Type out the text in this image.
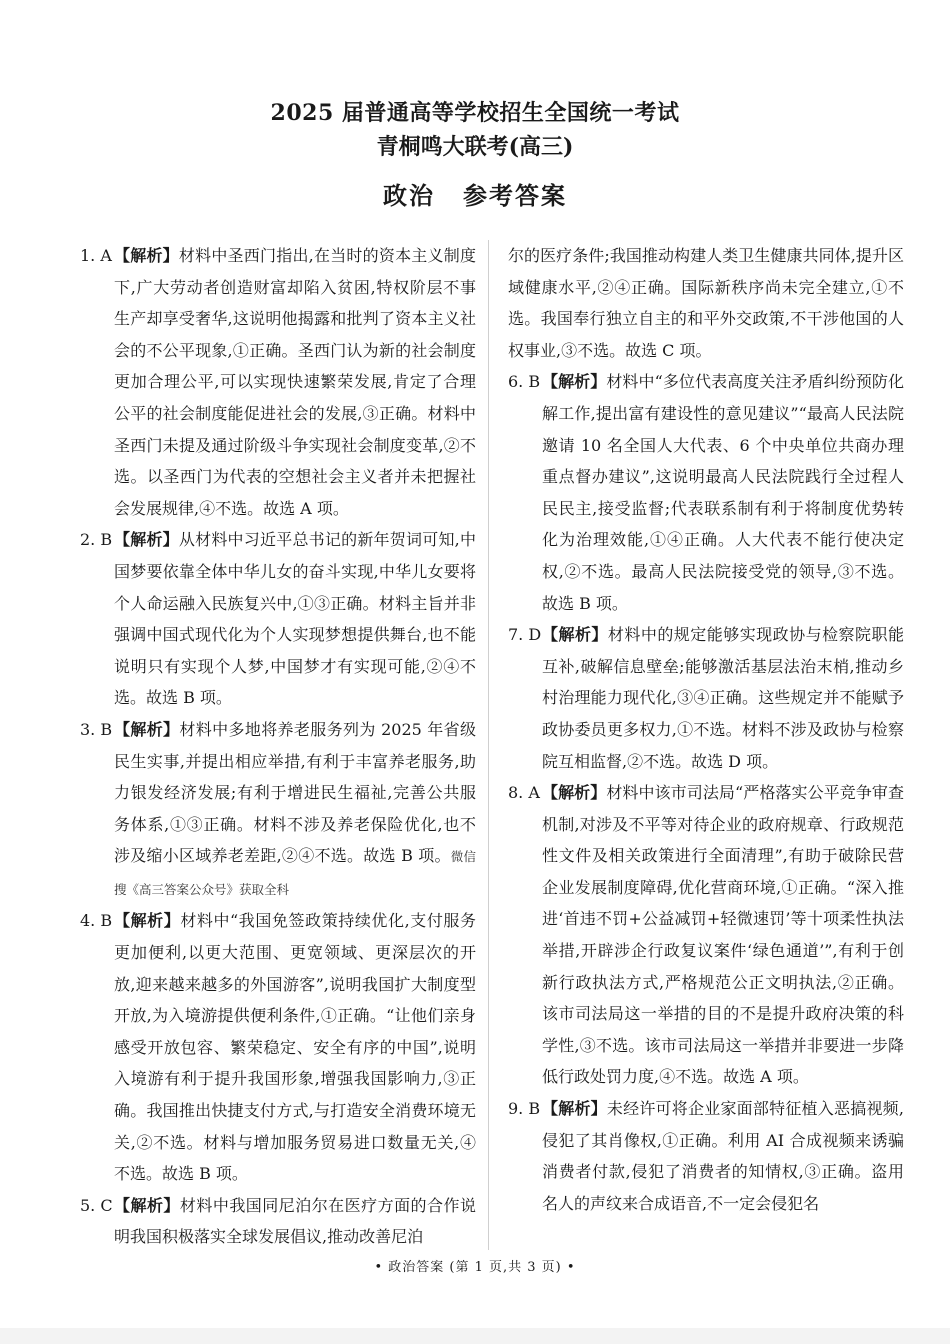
2025 届普通高等学校招生全国统一考试
青桐鸣大联考(高三)
政治 参考答案
1. A 【解析】材料中圣西门指出,在当时的资本主义制度下,广大劳动者创造财富却陷入贫困,特权阶层不事生产却享受奢华,这说明他揭露和批判了资本主义社会的不公平现象,①正确。圣西门认为新的社会制度更加合理公平,可以实现快速繁荣发展,肯定了合理公平的社会制度能促进社会的发展,③正确。材料中圣西门未提及通过阶级斗争实现社会制度变革,②不选。以圣西门为代表的空想社会主义者并未把握社会发展规律,④不选。故选 A 项。
2. B 【解析】从材料中习近平总书记的新年贺词可知,中国梦要依靠全体中华儿女的奋斗实现,中华儿女要将个人命运融入民族复兴中,①③正确。材料主旨并非强调中国式现代化为个人实现梦想提供舞台,也不能说明只有实现个人梦,中国梦才有实现可能,②④不选。故选 B 项。
3. B 【解析】材料中多地将养老服务列为 2025 年省级民生实事,并提出相应举措,有利于丰富养老服务,助力银发经济发展;有利于增进民生福祉,完善公共服务体系,①③正确。材料不涉及养老保险优化,也不涉及缩小区域养老差距,②④不选。故选 B 项。微信搜《高三答案公众号》获取全科
4. B 【解析】材料中“我国免签政策持续优化,支付服务更加便利,以更大范围、更宽领域、更深层次的开放,迎来越来越多的外国游客”,说明我国扩大制度型开放,为入境游提供便利条件,①正确。“让他们亲身感受开放包容、繁荣稳定、安全有序的中国”,说明入境游有利于提升我国形象,增强我国影响力,③正确。我国推出快捷支付方式,与打造安全消费环境无关,②不选。材料与增加服务贸易进口数量无关,④不选。故选 B 项。
5. C 【解析】材料中我国同尼泊尔在医疗方面的合作说明我国积极落实全球发展倡议,推动改善尼泊
尔的医疗条件;我国推动构建人类卫生健康共同体,提升区域健康水平,②④正确。国际新秩序尚未完全建立,①不选。我国奉行独立自主的和平外交政策,不干涉他国的人权事业,③不选。故选 C 项。
6. B 【解析】材料中“多位代表高度关注矛盾纠纷预防化解工作,提出富有建设性的意见建议”“最高人民法院邀请 10 名全国人大代表、6 个中央单位共商办理重点督办建议”,这说明最高人民法院践行全过程人民民主,接受监督;代表联系制有利于将制度优势转化为治理效能,①④正确。人大代表不能行使决定权,②不选。最高人民法院接受党的领导,③不选。故选 B 项。
7. D 【解析】材料中的规定能够实现政协与检察院职能互补,破解信息壁垒;能够激活基层法治末梢,推动乡村治理能力现代化,③④正确。这些规定并不能赋予政协委员更多权力,①不选。材料不涉及政协与检察院互相监督,②不选。故选 D 项。
8. A 【解析】材料中该市司法局“严格落实公平竞争审查机制,对涉及不平等对待企业的政府规章、行政规范性文件及相关政策进行全面清理”,有助于破除民营企业发展制度障碍,优化营商环境,①正确。“深入推进‘首违不罚+公益减罚+轻微速罚’等十项柔性执法举措,开辟涉企行政复议案件‘绿色通道’”,有利于创新行政执法方式,严格规范公正文明执法,②正确。该市司法局这一举措的目的不是提升政府决策的科学性,③不选。该市司法局这一举措并非要进一步降低行政处罚力度,④不选。故选 A 项。
9. B 【解析】未经许可将企业家面部特征植入恶搞视频,侵犯了其肖像权,①正确。利用 AI 合成视频来诱骗消费者付款,侵犯了消费者的知情权,③正确。盗用名人的声纹来合成语音,不一定会侵犯名
• 政治答案 (第 1 页,共 3 页) •
